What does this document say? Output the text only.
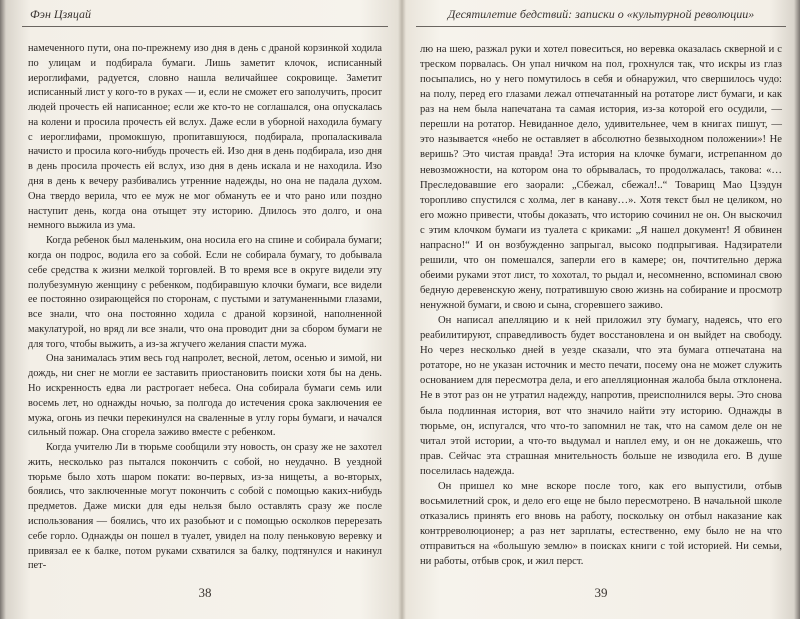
Фэн Цзяцай

намеченного пути, она по-прежнему изо дня в день с драной корзинкой ходила по улицам и подбирала бумаги. Лишь заметит клочок, исписанный иероглифами, радуется, словно нашла величайшее сокровище. Заметит исписанный лист у кого-то в руках — и, если не сможет его заполучить, просит людей прочесть ей написанное; если же кто-то не соглашался, она опускалась на колени и просила прочесть ей вслух. Даже если в уборной находила бумагу с иероглифами, промокшую, пропитавшуюся, подбирала, пропаласкивала начисто и просила кого-нибудь прочесть ей. Изо дня в день подбирала, изо дня в день просила прочесть ей вслух, изо дня в день искала и не находила. Изо дня в день к вечеру разбивались утренние надежды, но она не падала духом. Она твердо верила, что ее муж не мог обмануть ее и что рано или поздно наступит день, когда она отыщет эту историю. Длилось это долго, и она немного выжила из ума.

Когда ребенок был маленьким, она носила его на спине и собирала бумаги; когда он подрос, водила его за собой. Если не собирала бумагу, то добывала себе средства к жизни мелкой торговлей. В то время все в округе видели эту полубезумную женщину с ребенком, подбиравшую клочки бумаги, все видели ее постоянно озирающейся по сторонам, с пустыми и затуманенными глазами, все знали, что она постоянно ходила с драной корзиной, наполненной макулатурой, но вряд ли все знали, что она проводит дни за сбором бумаги не для того, чтобы выжить, а из-за жгучего желания спасти мужа.

Она занималась этим весь год напролет, весной, летом, осенью и зимой, ни дождь, ни снег не могли ее заставить приостановить поиски хотя бы на день. Но искренность едва ли растрогает небеса. Она собирала бумаги семь или восемь лет, но однажды ночью, за полгода до истечения срока заключения ее мужа, огонь из печки перекинулся на сваленные в углу горы бумаги, и начался сильный пожар. Она сгорела заживо вместе с ребенком.

Когда учителю Ли в тюрьме сообщили эту новость, он сразу же не захотел жить, несколько раз пытался покончить с собой, но неудачно. В уездной тюрьме было хоть шаром покати: во-первых, из-за нищеты, а во-вторых, боялись, что заключенные могут покончить с собой с помощью каких-нибудь предметов. Даже миски для еды нельзя было оставлять сразу же после использования — боялись, что их разобьют и с помощью осколков перерезать себе горло. Однажды он пошел в туалет, увидел на полу пеньковую веревку и привязал ее к балке, потом руками схватился за балку, подтянулся и накинул пет-

38
Десятилетие бедствий: записки о «культурной революции»

лю на шею, разжал руки и хотел повеситься, но веревка оказалась скверной и с треском порвалась. Он упал ничком на пол, грохнулся так, что искры из глаз посыпались, но у него помутилось в себя и обнаружил, что свершилось чудо: на полу, перед его глазами лежал отпечатанный на ротаторе лист бумаги, и как раз на нем была напечатана та самая история, из-за которой его осудили, — перешли на ротатор. Невиданное дело, удивительнее, чем в книгах пишут, — это называется «небо не оставляет в абсолютно безвыходном положении»! Не веришь? Это чистая правда! Эта история на клочке бумаги, истрепанном до невозможности, на котором она то обрывалась, то продолжалась, такова: «…Преследовавшие его заорали: „Сбежал, сбежал!..“ Товарищ Мао Цзэдун торопливо спустился с холма, лег в канаву…». Хотя текст был не целиком, но его можно привести, чтобы доказать, что историю сочинил не он. Он выскочил с этим клочком бумаги из туалета с криками: „Я нашел документ! Я обвинен напрасно!“ И он возбужденно запрыгал, высоко подпрыгивая. Надзиратели решили, что он помешался, заперли его в камере; он, почтительно держа обеими руками этот лист, то хохотал, то рыдал и, несомненно, вспоминал свою бедную деревенскую жену, потратившую свою жизнь на собирание и просмотр ненужной бумаги, и свою и сына, сгоревшего заживо.

Он написал апелляцию и к ней приложил эту бумагу, надеясь, что его реабилитируют, справедливость будет восстановлена и он выйдет на свободу. Но через несколько дней в уезде сказали, что эта бумага отпечатана на ротаторе, но не указан источник и место печати, посему она не может служить основанием для пересмотра дела, и его апелляционная жалоба была отклонена. Не в этот раз он не утратил надежду, напротив, преисполнился веры. Это снова была подлинная история, вот что значило найти эту историю. Однажды в тюрьме, он, испугался, что что-то запомнил не так, что на самом деле он не читал этой истории, а что-то выдумал и наплел ему, и он не докажешь, что прав. Сейчас эта страшная мнительность больше не изводила его. В душе поселилась надежда.

Он пришел ко мне вскоре после того, как его выпустили, отбыв восьмилетний срок, и дело его еще не было пересмотрено. В начальной школе отказались принять его вновь на работу, поскольку он отбыл наказание как контрреволюционер; а раз нет зарплаты, естественно, ему было не на что отправиться на «большую землю» в поисках книги с той историей. Ни семьи, ни работы, отбыв срок, и жил перст.

39
